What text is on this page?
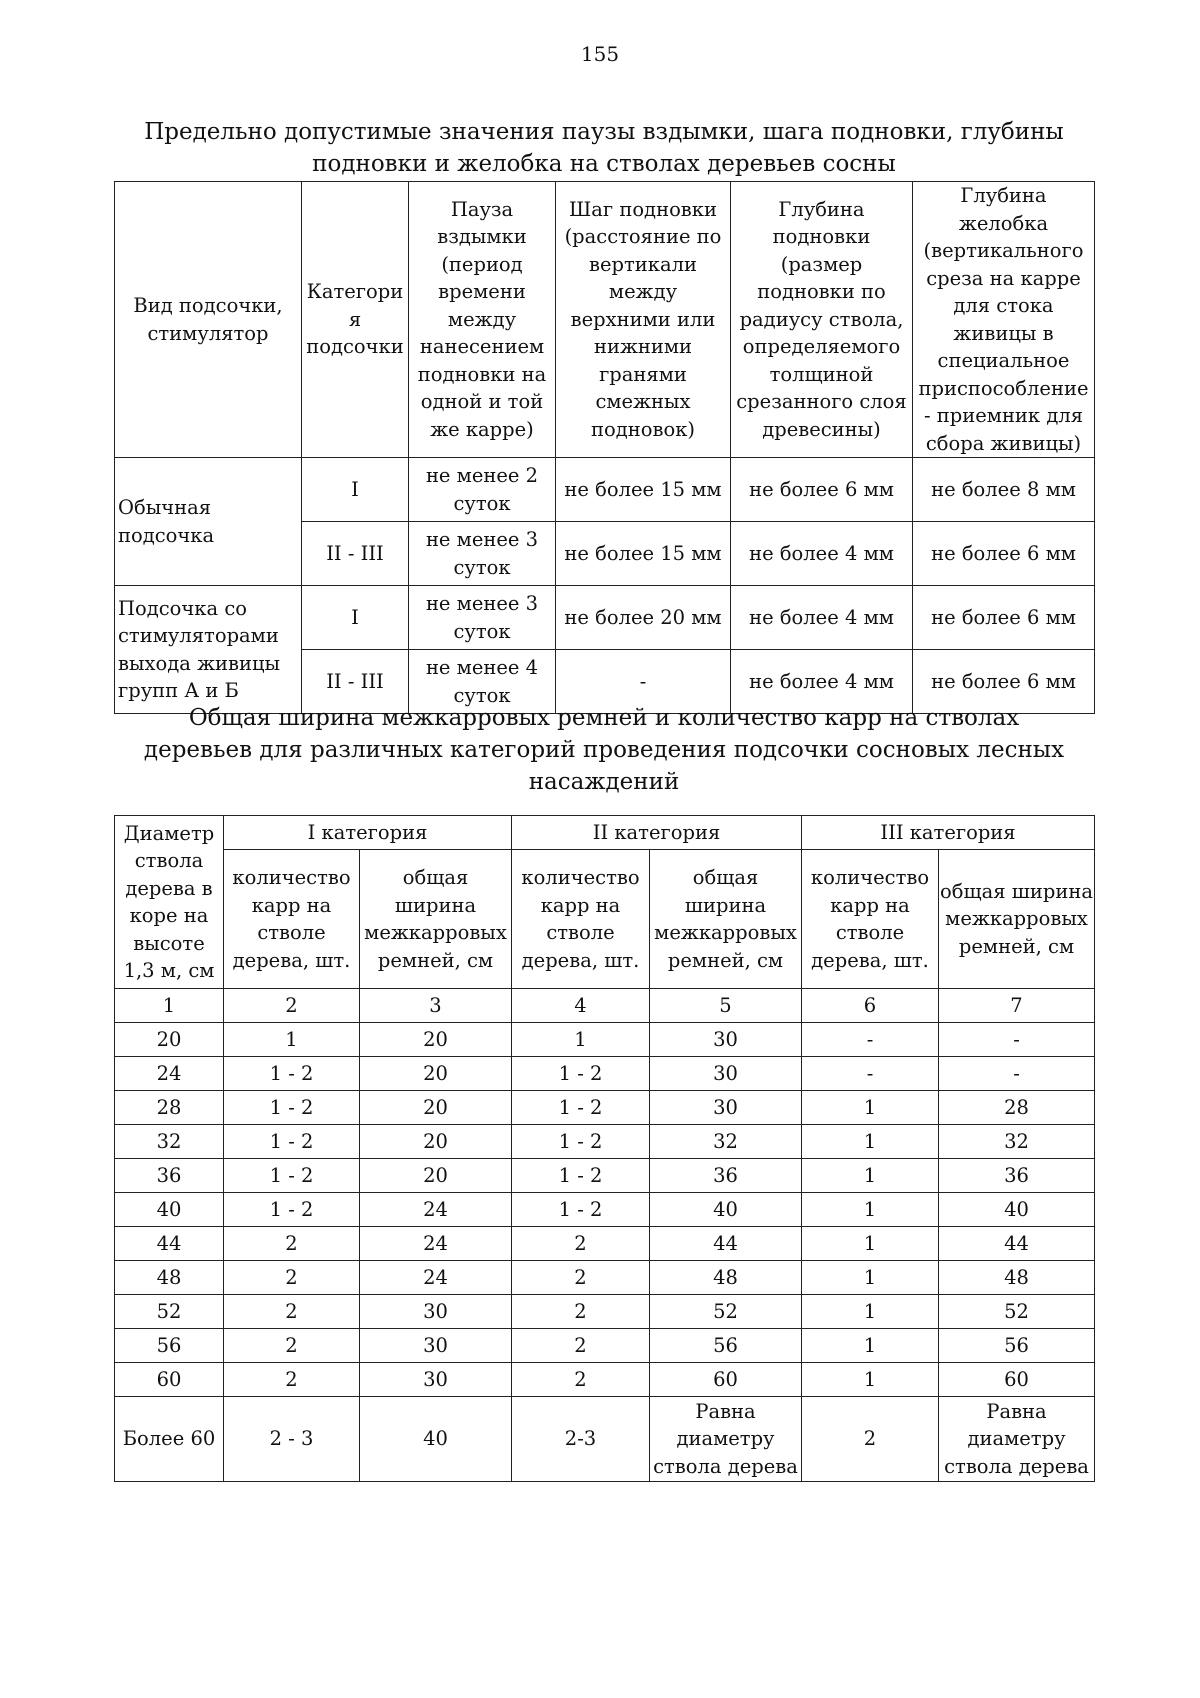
155
Предельно допустимые значения паузы вздымки, шага подновки, глубины
подновки и желобка на стволах деревьев сосны
Вид подсочки, стимулятор	Категори я подсочки	Пауза вздымки (период времени между нанесением подновки на одной и той же карре)	Шаг подновки (расстояние по вертикали между верхними или нижними гранями смежных подновок)	Глубина подновки (размер подновки по радиусу ствола, определяемого толщиной срезанного слоя древесины)	Глубина желобка (вертикального среза на карре для стока живицы в специальное приспособление - приемник для сбора живицы)
Обычная подсочка	I	не менее 2 суток	не более 15 мм	не более 6 мм	не более 8 мм
	II - III	не менее 3 суток	не более 15 мм	не более 4 мм	не более 6 мм
Подсочка со стимуляторами выхода живицы групп А и Б	I	не менее 3 суток	не более 20 мм	не более 4 мм	не более 6 мм
	II - III	не менее 4 суток	-	не более 4 мм	не более 6 мм
Общая ширина межкарровых ремней и количество карр на стволах
деревьев для различных категорий проведения подсочки сосновых лесных
насаждений
Диаметр ствола дерева в коре на высоте 1,3 м, см	I категория		II категория		III категория	
	количество карр на стволе дерева, шт.	общая ширина межкарровых ремней, см	количество карр на стволе дерева, шт.	общая ширина межкарровых ремней, см	количество карр на стволе дерева, шт.	общая ширина межкарровых ремней, см
1	2	3	4	5	6	7
20	1	20	1	30	-	-
24	1 - 2	20	1 - 2	30	-	-
28	1 - 2	20	1 - 2	30	1	28
32	1 - 2	20	1 - 2	32	1	32
36	1 - 2	20	1 - 2	36	1	36
40	1 - 2	24	1 - 2	40	1	40
44	2	24	2	44	1	44
48	2	24	2	48	1	48
52	2	30	2	52	1	52
56	2	30	2	56	1	56
60	2	30	2	60	1	60
Более 60	2 - 3	40	2-3	Равна диаметру ствола дерева	2	Равна диаметру ствола дерева
